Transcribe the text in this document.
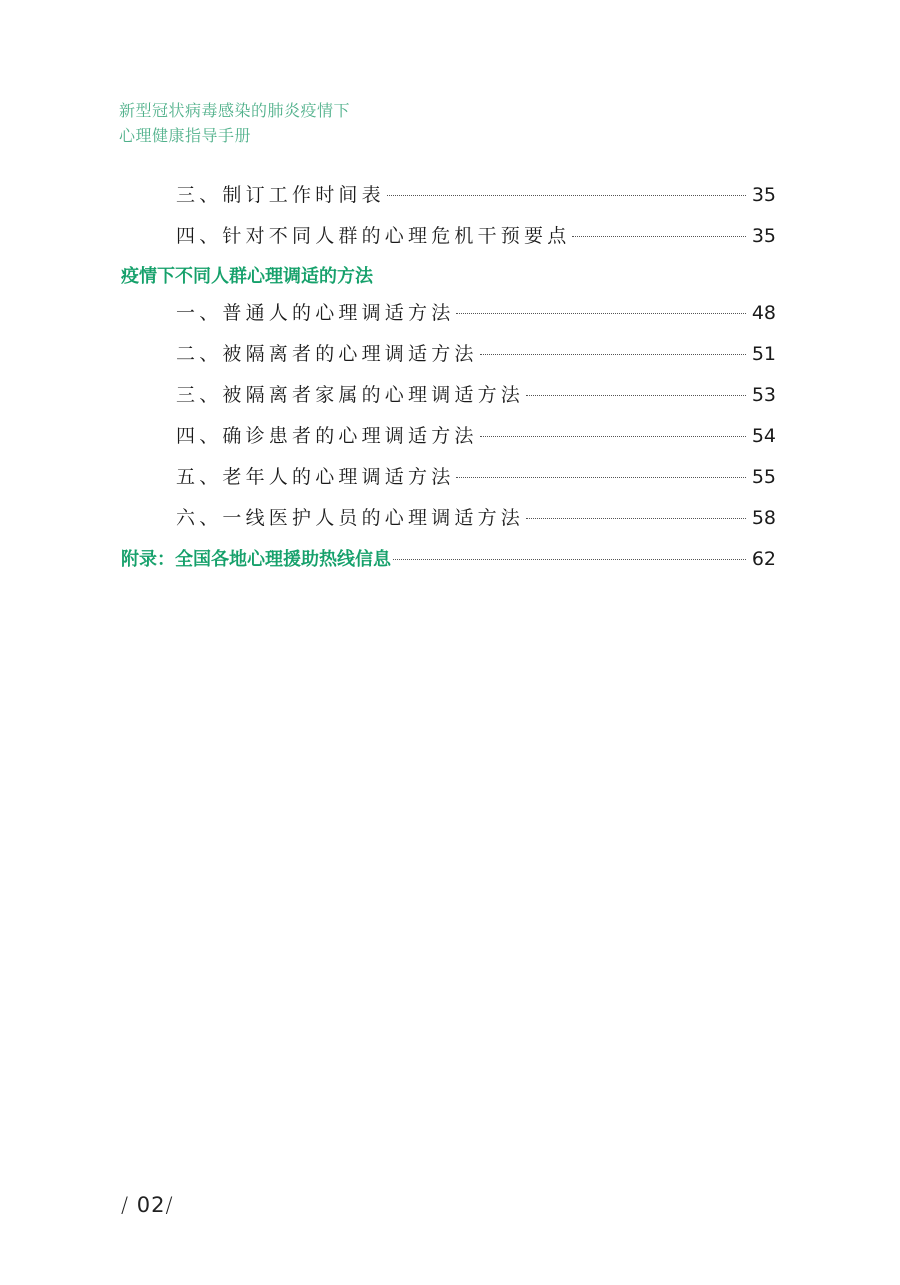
新型冠状病毒感染的肺炎疫情下
心理健康指导手册
三、制订工作时间表	35
四、针对不同人群的心理危机干预要点	35
疫情下不同人群心理调适的方法
一、普通人的心理调适方法	48
二、被隔离者的心理调适方法	51
三、被隔离者家属的心理调适方法	53
四、确诊患者的心理调适方法	54
五、老年人的心理调适方法	55
六、一线医护人员的心理调适方法	58
附录：全国各地心理援助热线信息	62
/ 02/
